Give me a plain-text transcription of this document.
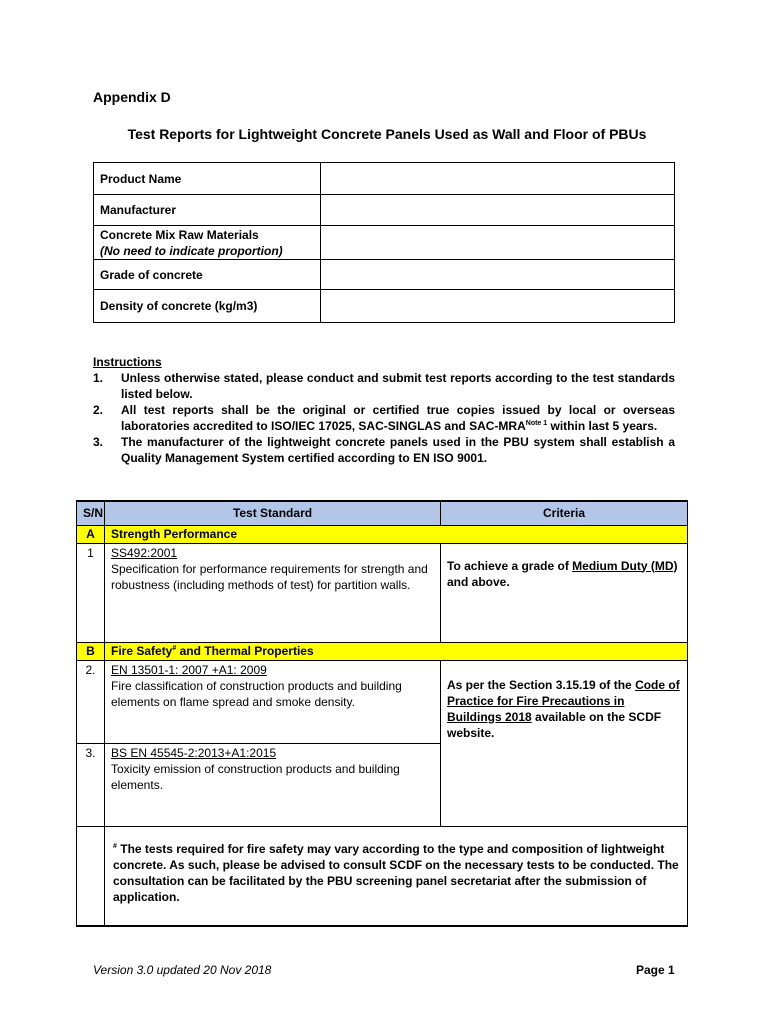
Appendix D
Test Reports for Lightweight Concrete Panels Used as Wall and Floor of PBUs
Product Name	
Manufacturer	

Concrete Mix Raw Materials
(No need to indicate proportion)	

Grade of concrete	
Density of concrete (kg/m3)	
Instructions
1. Unless otherwise stated, please conduct and submit test reports according to the test standards listed below.
2. All test reports shall be the original or certified true copies issued by local or overseas laboratories accredited to ISO/IEC 17025, SAC-SINGLAS and SAC-$MRA^{Note 1}$ within last 5 years.
3. The manufacturer of the lightweight concrete panels used in the PBU system shall establish a Quality Management System certified according to EN ISO 9001.
S/N	Test Standard	Criteria
A	Strength Performance	
1	SS492:2001
Specification for performance requirements for strength and robustness (including methods of test) for partition walls.	To achieve a grade of Medium Duty (MD) and above.
B	Fire Safety# and Thermal Properties	
2.	EN 13501-1: 2007 +A1: 2009
Fire classification of construction products and building elements on flame spread and smoke density.	As per the Section 3.15.19 of the Code of Practice for Fire Precautions in Buildings 2018 available on the SCDF website.
3.	BS EN 45545-2:2013+A1:2015
Toxicity emission of construction products and building elements.	

	# The tests required for fire safety may vary according to the type and composition of lightweight concrete. As such, please be advised to consult SCDF on the necessary tests to be conducted. The consultation can be facilitated by the PBU screening panel secretariat after the submission of application.	
Version 3.0 updated 20 Nov 2018	Page 1
